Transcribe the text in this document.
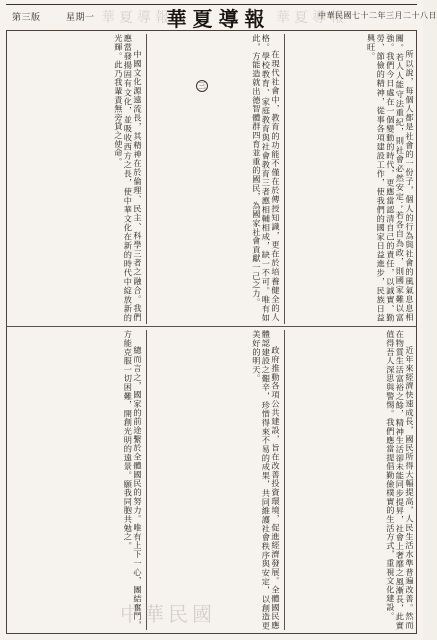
第三版	星期一 華夏導報
華夏導報 華夏導報
中華民國七十二年三月二十八日

所以說，每個人都是社會的一份子，個人的行為與社會的風氣息息相關。若人人能守法重紀，則社會必然安定；若各自為政，則國家難以富強。我們今日處在一個變動的時代，更應當認清自己的責任，以誠實、勤勞、節儉的精神，從事各項建設工作，使我們的國家日益進步，民族日益興旺。

在現代社會中，教育的功能不僅在於傳授知識，更在於培養健全的人格。學校教育、家庭教育與社會教育三者應相輔相成，缺一不可。唯有如此，方能造就出德智體群四育並重的國民，為國家社會貢獻一己之力。

三

中國文化源遠流長，其精神在於倫理、民主、科學三者之融合。我們應當發揚固有文化，並吸收西方之長，使中華文化在新的時代中綻放新的光輝。此乃我輩責無旁貸之使命。

近年來經濟快速成長，國民所得大幅提高，人民生活水準普遍改善。然而在物質生活富裕之餘，精神生活卻未能同步提昇，社會上奢靡之風漸長，此實值得吾人深思與警惕。我們應當提倡勤儉樸實的生活方式，重視文化建設。

政府推動各項公共建設，旨在改善投資環境，促進經濟發展。全體國民應體認建設之艱辛，珍惜得來不易的成果，共同維護社會秩序與安定，以創造更美好的明天。

總而言之，國家的前途繫於全體國民的努力。唯有上下一心，團結奮鬥，方能克服一切困難，開創光明的遠景。願我同胞共勉之。

中華民國
